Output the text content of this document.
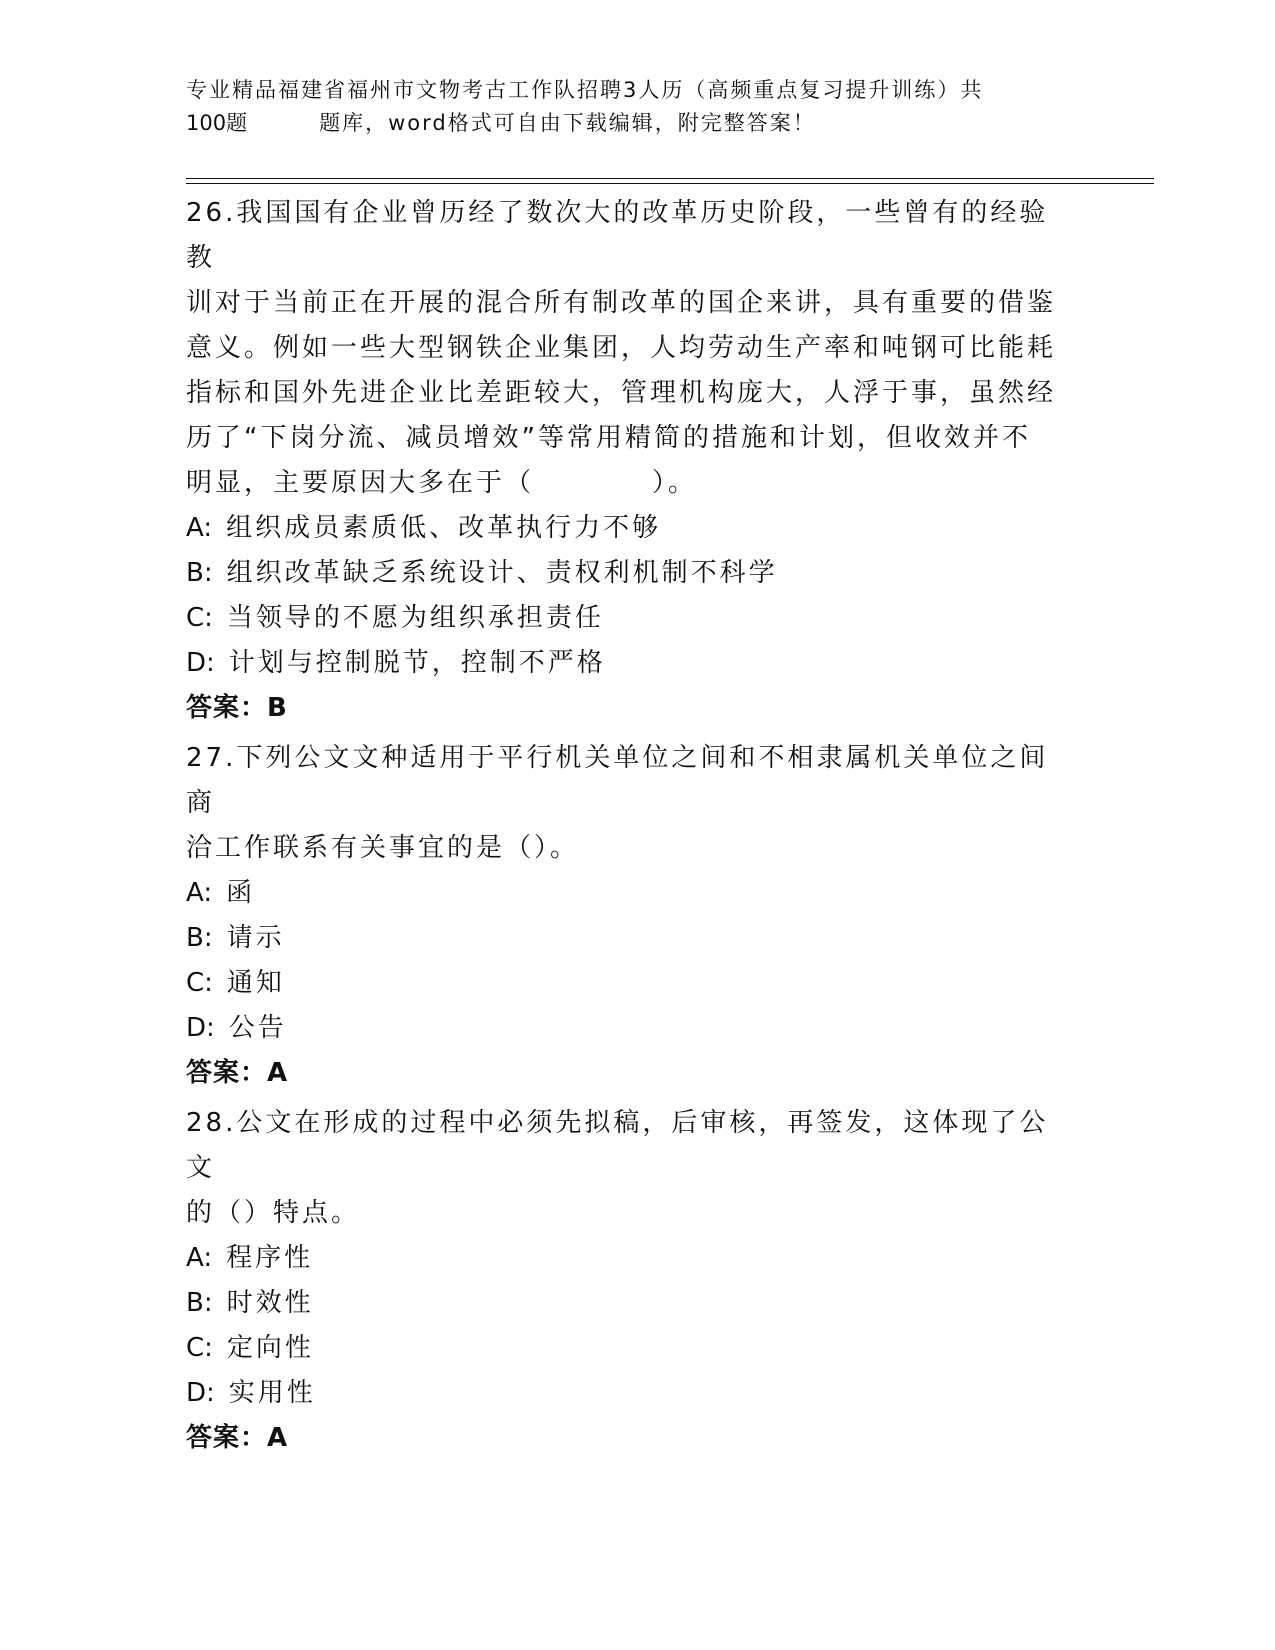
专业精品福建省福州市文物考古工作队招聘3人历（高频重点复习提升训练）共
100题	题库，word格式可自由下载编辑，附完整答案！

26.我国国有企业曾历经了数次大的改革历史阶段，一些曾有的经验教

训对于当前正在开展的混合所有制改革的国企来讲，具有重要的借鉴

意义。例如一些大型钢铁企业集团，人均劳动生产率和吨钢可比能耗

指标和国外先进企业比差距较大，管理机构庞大，人浮于事，虽然经

历了“下岗分流、减员增效”等常用精简的措施和计划，但收效并不

明显，主要原因大多在于（	）。

A: 组织成员素质低、改革执行力不够

B: 组织改革缺乏系统设计、责权利机制不科学

C: 当领导的不愿为组织承担责任

D: 计划与控制脱节，控制不严格

答案：B

27.下列公文文种适用于平行机关单位之间和不相隶属机关单位之间商

洽工作联系有关事宜的是（）。

A: 函

B: 请示

C: 通知

D: 公告

答案：A

28.公文在形成的过程中必须先拟稿，后审核，再签发，这体现了公文

的（）特点。

A: 程序性

B: 时效性

C: 定向性

D: 实用性

答案：A
